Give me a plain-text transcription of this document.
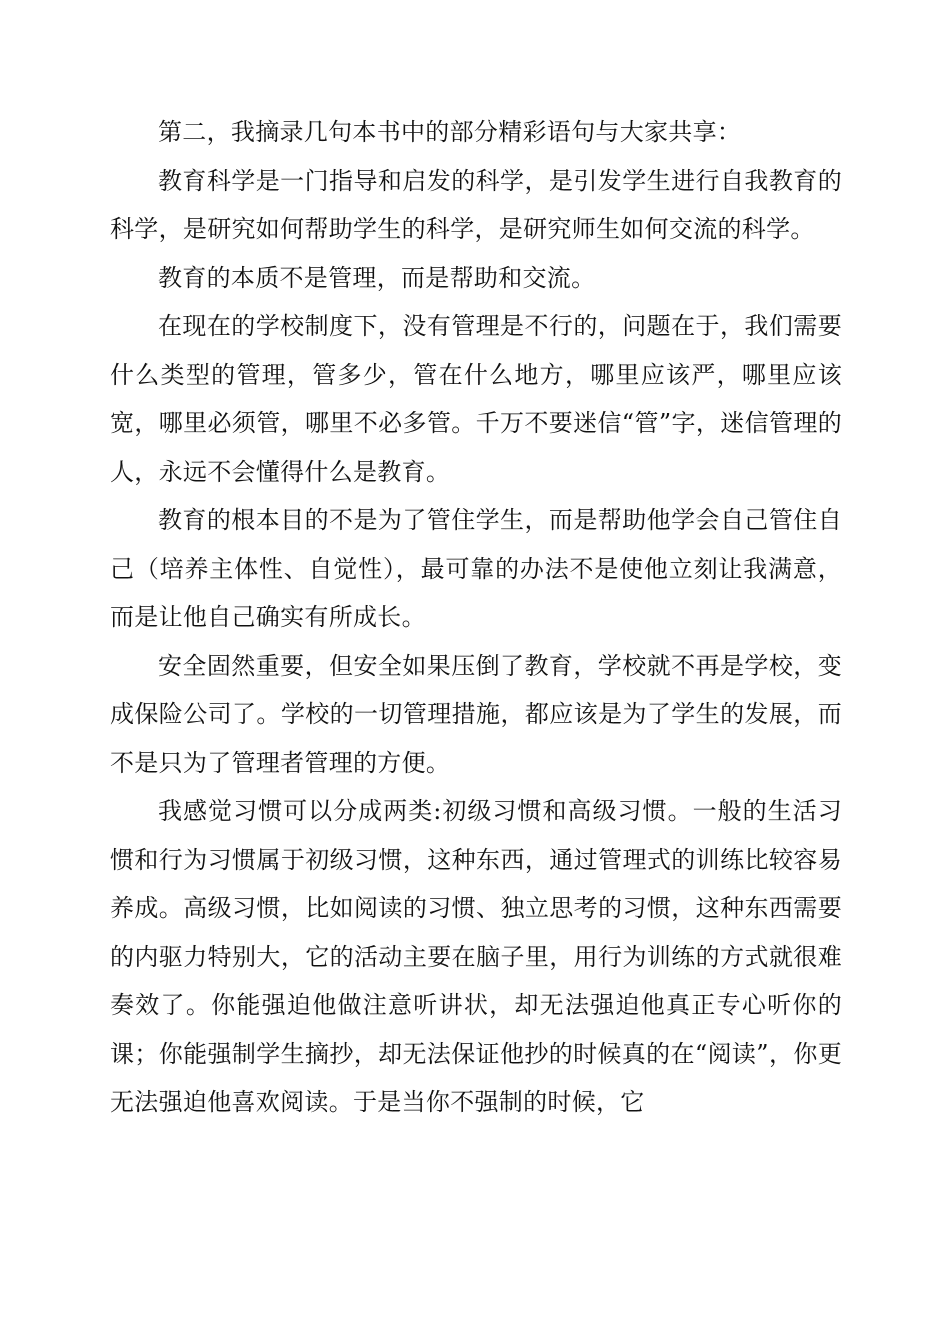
第二，我摘录几句本书中的部分精彩语句与大家共享：

教育科学是一门指导和启发的科学，是引发学生进行自我教育的科学，是研究如何帮助学生的科学，是研究师生如何交流的科学。

教育的本质不是管理，而是帮助和交流。

在现在的学校制度下，没有管理是不行的，问题在于，我们需要什么类型的管理，管多少，管在什么地方，哪里应该严，哪里应该宽，哪里必须管，哪里不必多管。千万不要迷信“管”字，迷信管理的人，永远不会懂得什么是教育。

教育的根本目的不是为了管住学生，而是帮助他学会自己管住自己（培养主体性、自觉性），最可靠的办法不是使他立刻让我满意，而是让他自己确实有所成长。

安全固然重要，但安全如果压倒了教育，学校就不再是学校，变成保险公司了。学校的一切管理措施，都应该是为了学生的发展，而不是只为了管理者管理的方便。

我感觉习惯可以分成两类:初级习惯和高级习惯。一般的生活习惯和行为习惯属于初级习惯，这种东西，通过管理式的训练比较容易养成。高级习惯，比如阅读的习惯、独立思考的习惯，这种东西需要的内驱力特别大，它的活动主要在脑子里，用行为训练的方式就很难奏效了。你能强迫他做注意听讲状，却无法强迫他真正专心听你的课；你能强制学生摘抄，却无法保证他抄的时候真的在“阅读”，你更无法强迫他喜欢阅读。于是当你不强制的时候，它
